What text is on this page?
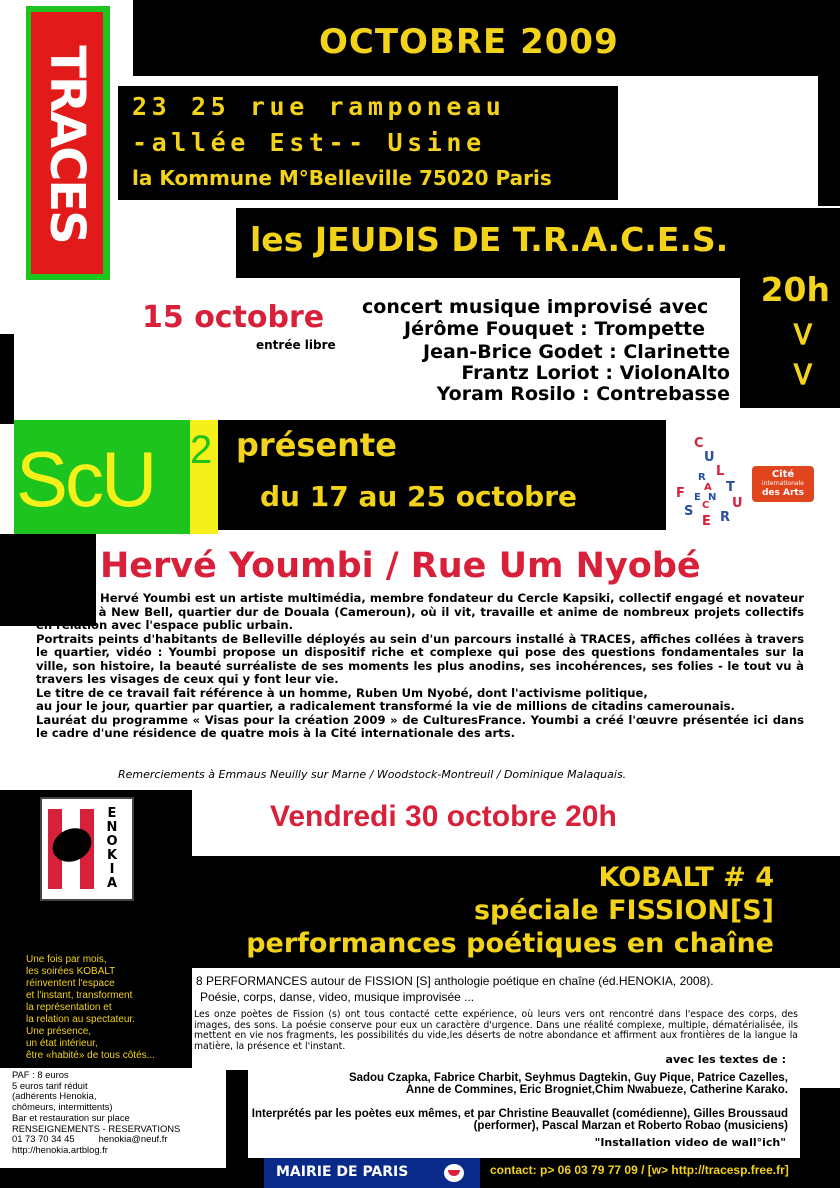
TRACES
OCTOBRE 2009
23 25 rue ramponeau
-allée Est-- Usine
la Kommune M°Belleville 75020 Paris
les JEUDIS DE T.R.A.C.E.S.
20h
<
<
15 octobre
entrée libre
concert musique improvisé avec
Jérôme Fouquet : Trompette
Jean-Brice Godet : Clarinette
Frantz Loriot : ViolonAlto
Yoram Rosilo : Contrebasse
ScU 2 présente
du 17 au 25 octobre
C
U
L
T
U
R
E
S
F
R
A
N
C
E
Cité
internationale
des Arts
Hervé Youmbi / Rue Um Nyobé

Hervé Youmbi est un artiste multimédia, membre fondateur du Cercle Kapsiki, collectif engagé et novateur implanté à New Bell, quartier dur de Douala (Cameroun), où il vit, travaille et anime de nombreux projets collectifs en relation avec l'espace public urbain.

Portraits peints d'habitants de Belleville déployés au sein d'un parcours installé à TRACES, affiches collées à travers le quartier, vidéo : Youmbi propose un dispositif riche et complexe qui pose des questions fondamentales sur la ville, son histoire, la beauté surréaliste de ses moments les plus anodins, ses incohérences, ses folies - le tout vu à travers les visages de ceux qui y font leur vie.

Le titre de ce travail fait référence à un homme, Ruben Um Nyobé, dont l'activisme politique,

au jour le jour, quartier par quartier, a radicalement transformé la vie de millions de citadins camerounais.

Lauréat du programme « Visas pour la création 2009 » de CulturesFrance. Youmbi a créé l'œuvre présentée ici dans le cadre d'une résidence de quatre mois à la Cité internationale des arts.

Remerciements à Emmaus Neuilly sur Marne / Woodstock-Montreuil / Dominique Malaquais.
E
N
O
K
I
A
Vendredi 30 octobre 20h
KOBALT # 4
spéciale FISSION[S]
performances poétiques en chaîne
Une fois par mois,
les soirées KOBALT
réinventent l'espace
et l'instant, transforment
la représentation et
la relation au spectateur.
Une présence,
un état intérieur,
être «habité» de tous côtés...
8 PERFORMANCES autour de FISSION [S] anthologie poétique en chaîne (éd.HENOKIA, 2008).
Poésie, corps, danse, video, musique improvisée ...
Les onze poètes de Fission (s) ont tous contacté cette expérience, où leurs vers ont rencontré dans l'espace des corps, des images, des sons. La poésie conserve pour eux un caractère d'urgence. Dans une réalité complexe, multiple, dématérialisée, ils mettent en vie nos fragments, les possibilités du vide,les déserts de notre abondance et affirment aux frontières de la langue la matière, la présence et l'instant.
avec les textes de :
Sadou Czapka, Fabrice Charbit, Seyhmus Dagtekin, Guy Pique, Patrice Cazelles, Anne de Commines, Eric Brogniet,Chim Nwabueze, Catherine Karako.
Interprétés par les poètes eux mêmes, et par Christine Beauvallet (comédienne), Gilles Broussaud (performer), Pascal Marzan et Roberto Robao (musiciens)
"Installation video de wall°ich"
PAF : 8 euros
5 euros tarif réduit
(adhérents Henokia,
chômeurs, intermittents)
Bar et restauration sur place
RENSEIGNEMENTS - RESERVATIONS
01 73 70 34 45	henokia@neuf.fr
http://henokia.artblog.fr
MAIRIE DE PARIS	contact: p> 06 03 79 77 09 / [w> http://tracesp.free.fr]
